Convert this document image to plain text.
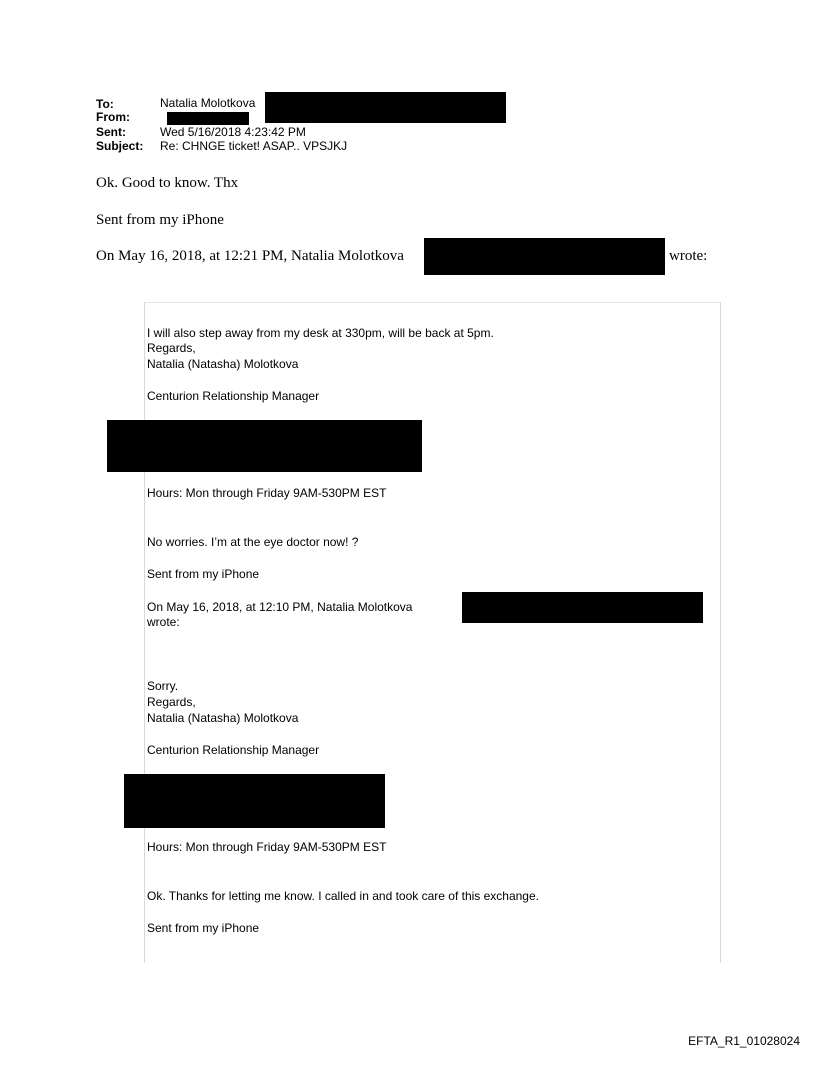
To:	Natalia Molotkova
From:
Sent:	Wed 5/16/2018 4:23:42 PM
Subject: Re: CHNGE ticket! ASAP.. VPSJKJ
Ok. Good to know. Thx
Sent from my iPhone
On May 16, 2018, at 12:21 PM, Natalia Molotkova	wrote:
I will also step away from my desk at 330pm, will be back at 5pm.
Regards,
Natalia (Natasha) Molotkova
Centurion Relationship Manager
Hours: Mon through Friday 9AM-530PM EST
No worries. I’m at the eye doctor now! ?
Sent from my iPhone
On May 16, 2018, at 12:10 PM, Natalia Molotkova
wrote:
Sorry.
Regards,
Natalia (Natasha) Molotkova
Centurion Relationship Manager
Hours: Mon through Friday 9AM-530PM EST
Ok. Thanks for letting me know. I called in and took care of this exchange.
Sent from my iPhone
EFTA_R1_01028024
